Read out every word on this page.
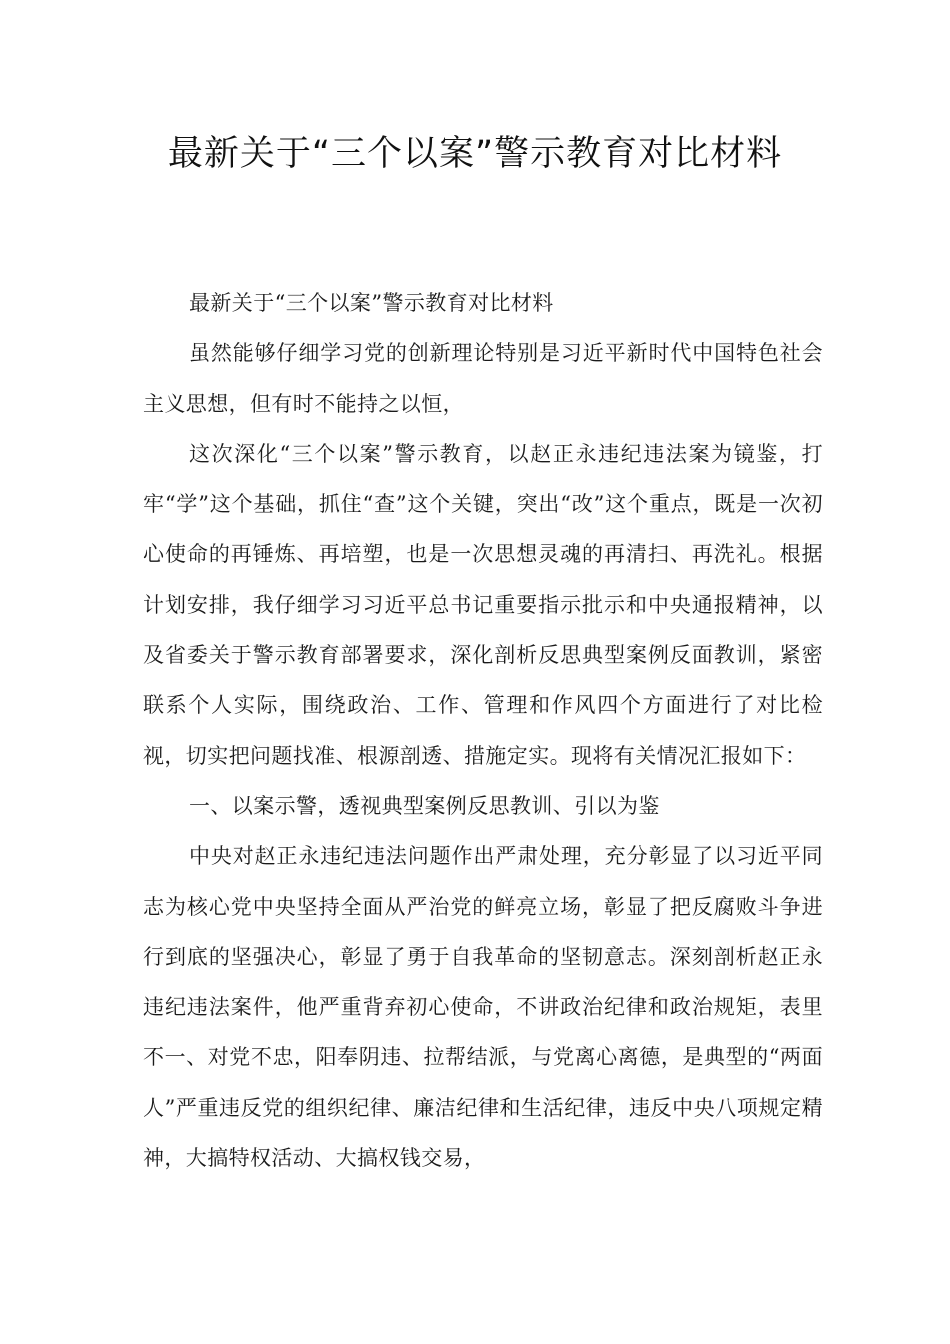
最新关于“三个以案”警示教育对比材料

最新关于“三个以案”警示教育对比材料

虽然能够仔细学习党的创新理论特别是习近平新时代中国特色社会主义思想，但有时不能持之以恒，

这次深化“三个以案”警示教育，以赵正永违纪违法案为镜鉴，打牢“学”这个基础，抓住“查”这个关键，突出“改”这个重点，既是一次初心使命的再锤炼、再培塑，也是一次思想灵魂的再清扫、再洗礼。根据计划安排，我仔细学习习近平总书记重要指示批示和中央通报精神，以及省委关于警示教育部署要求，深化剖析反思典型案例反面教训，紧密联系个人实际，围绕政治、工作、管理和作风四个方面进行了对比检视，切实把问题找准、根源剖透、措施定实。现将有关情况汇报如下：

一、以案示警，透视典型案例反思教训、引以为鉴

中央对赵正永违纪违法问题作出严肃处理，充分彰显了以习近平同志为核心党中央坚持全面从严治党的鲜亮立场，彰显了把反腐败斗争进行到底的坚强决心，彰显了勇于自我革命的坚韧意志。深刻剖析赵正永违纪违法案件，他严重背弃初心使命，不讲政治纪律和政治规矩，表里不一、对党不忠，阳奉阴违、拉帮结派，与党离心离德，是典型的“两面人”严重违反党的组织纪律、廉洁纪律和生活纪律，违反中央八项规定精神，大搞特权活动、大搞权钱交易，
